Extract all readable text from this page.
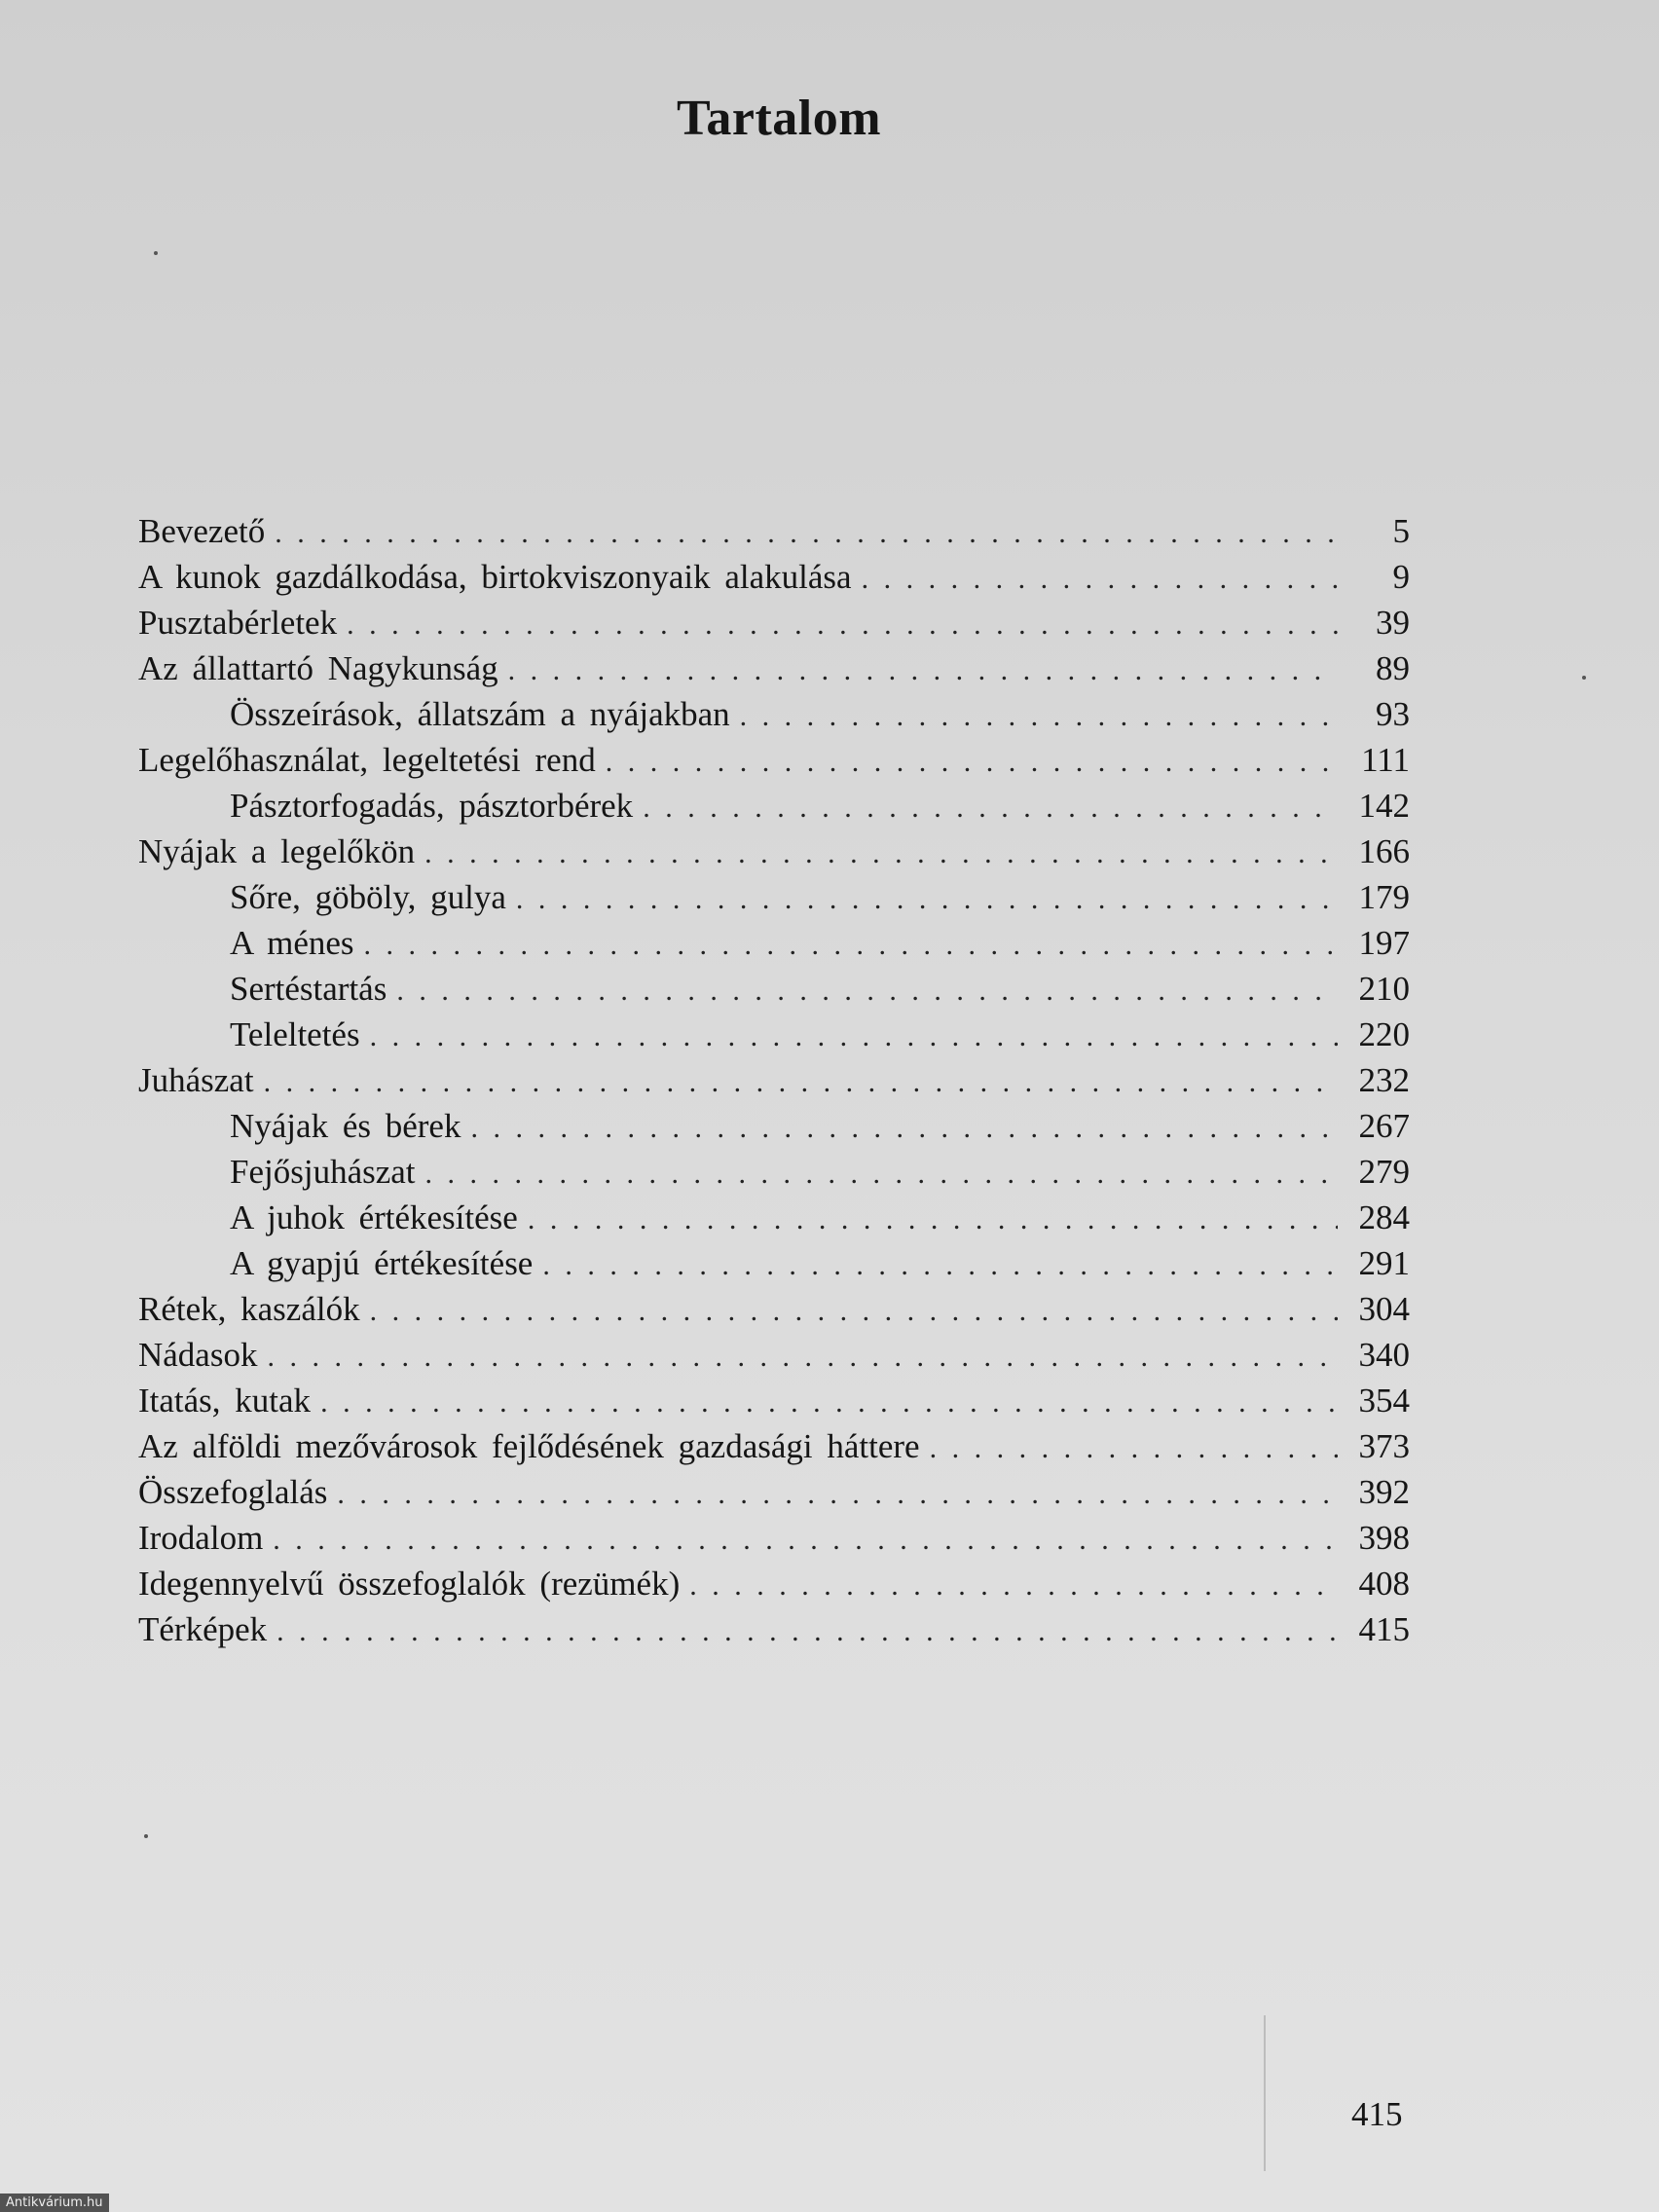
Tartalom
Bevezető . . .	5
A kunok gazdálkodása, birtokviszonyaik alakulása . . .	9
Pusztabérletek . . .	39
Az állattartó Nagykunság . . .	89
Összeírások, állatszám a nyájakban . . .	93
Legelőhasználat, legeltetési rend . . .	111
Pásztorfogadás, pásztorbérek . . .	142
Nyájak a legelőkön . . .	166
Sőre, göböly, gulya . . .	179
A ménes . . .	197
Sertéstartás . . .	210
Teleltetés . . .	220
Juhászat . . .	232
Nyájak és bérek . . .	267
Fejősjuhászat . . .	279
A juhok értékesítése . . .	284
A gyapjú értékesítése . . .	291
Rétek, kaszálók . . .	304
Nádasok . . .	340
Itatás, kutak . . .	354
Az alföldi mezővárosok fejlődésének gazdasági háttere . . .	373
Összefoglalás . . .	392
Irodalom . . .	398
Idegennyelvű összefoglalók (rezümék) . . .	408
Térképek . . .	415
415
Antikvárium.hu
